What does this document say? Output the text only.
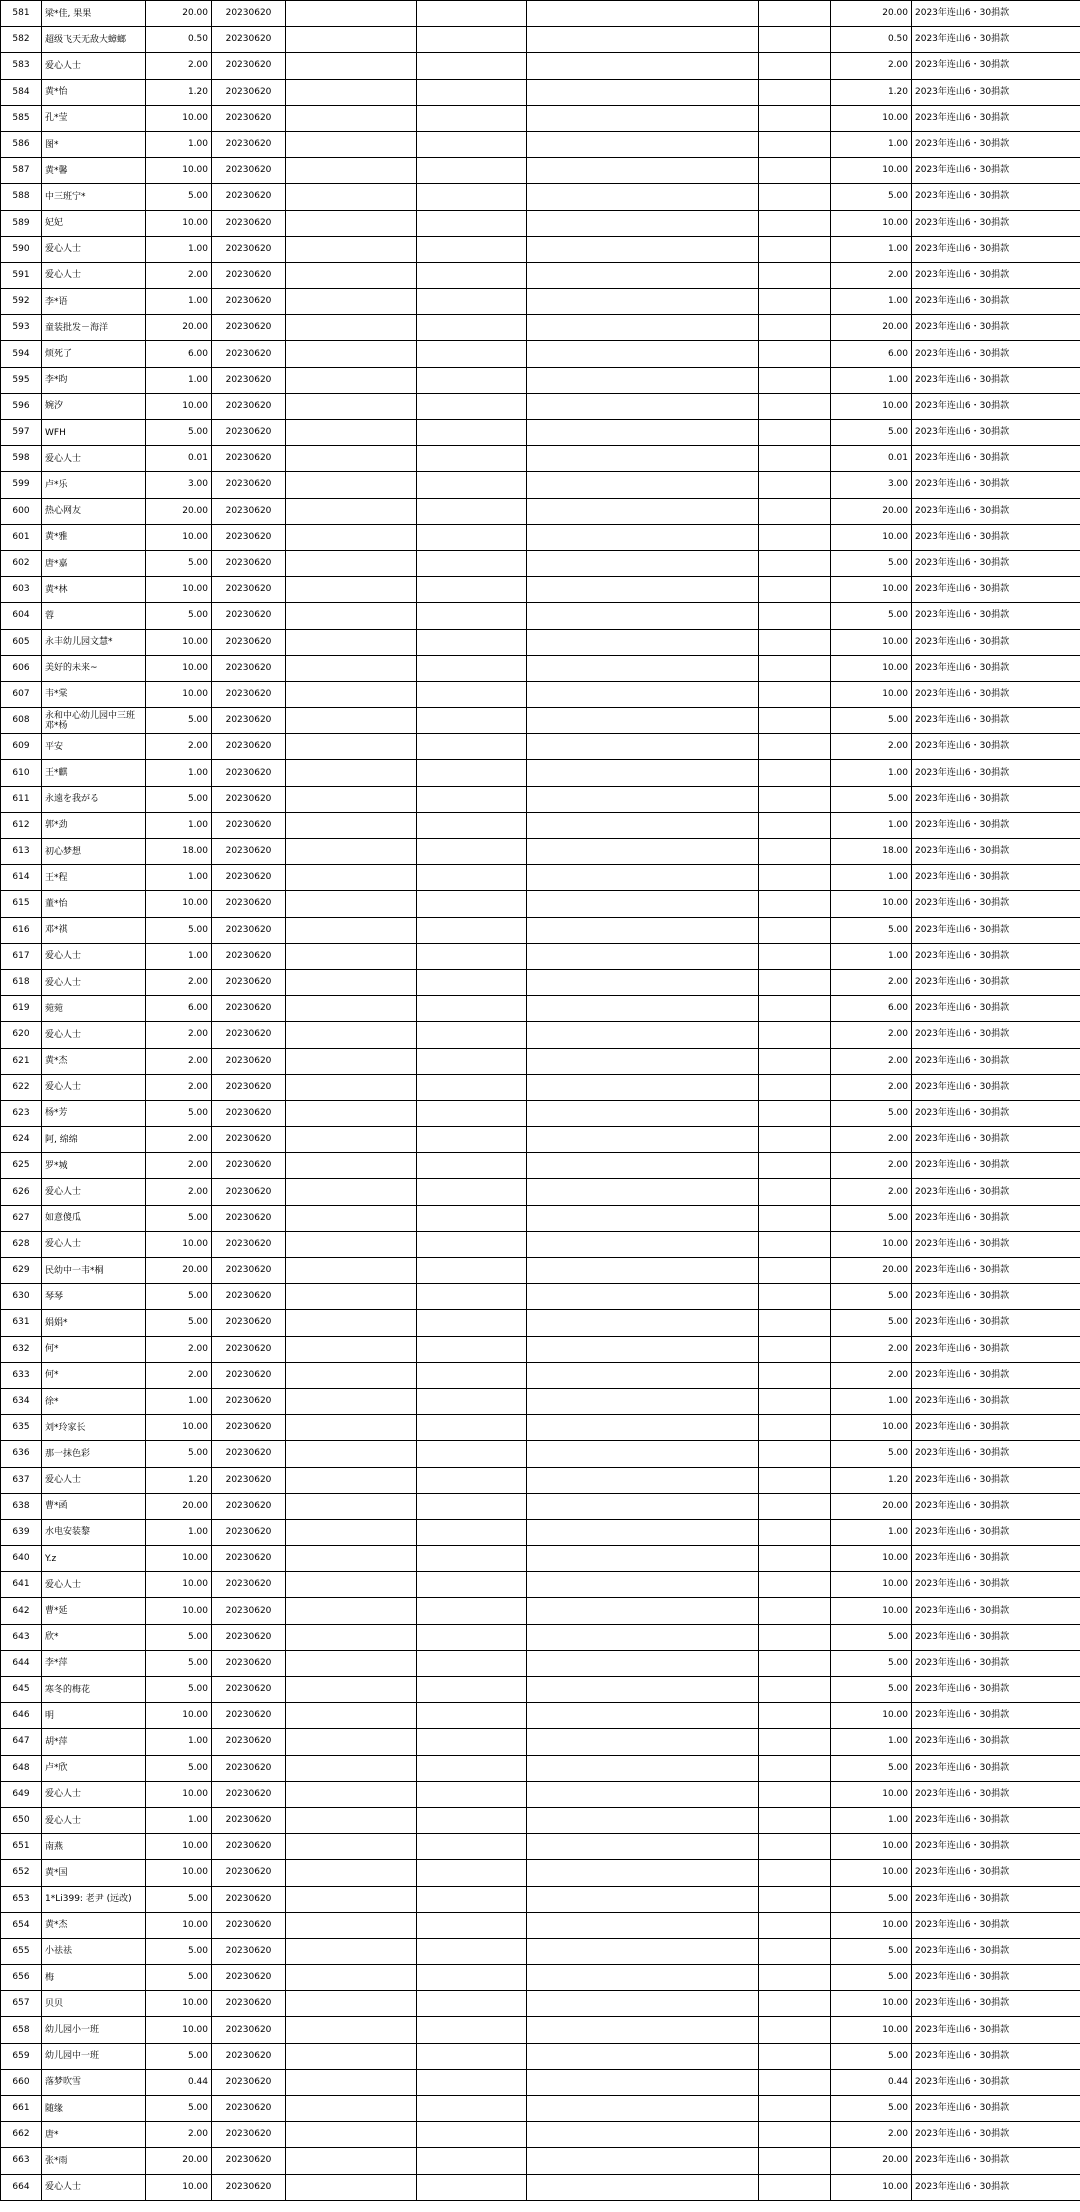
581	梁*佳, 果果	20.00	20230620					20.00	2023年连山6・30捐款
582	超级飞天无敌大蟑螂	0.50	20230620					0.50	2023年连山6・30捐款
583	爱心人士	2.00	20230620					2.00	2023年连山6・30捐款
584	黄*怡	1.20	20230620					1.20	2023年连山6・30捐款
585	孔*莹	10.00	20230620					10.00	2023年连山6・30捐款
586	图*	1.00	20230620					1.00	2023年连山6・30捐款
587	黄*馨	10.00	20230620					10.00	2023年连山6・30捐款
588	中三班宁*	5.00	20230620					5.00	2023年连山6・30捐款
589	妃妃	10.00	20230620					10.00	2023年连山6・30捐款
590	爱心人士	1.00	20230620					1.00	2023年连山6・30捐款
591	爱心人士	2.00	20230620					2.00	2023年连山6・30捐款
592	李*语	1.00	20230620					1.00	2023年连山6・30捐款
593	童装批发－海洋	20.00	20230620					20.00	2023年连山6・30捐款
594	烦死了	6.00	20230620					6.00	2023年连山6・30捐款
595	李*昀	1.00	20230620					1.00	2023年连山6・30捐款
596	婉汐	10.00	20230620					10.00	2023年连山6・30捐款
597	WFH	5.00	20230620					5.00	2023年连山6・30捐款
598	爱心人士	0.01	20230620					0.01	2023年连山6・30捐款
599	卢*乐	3.00	20230620					3.00	2023年连山6・30捐款
600	热心网友	20.00	20230620					20.00	2023年连山6・30捐款
601	黄*雅	10.00	20230620					10.00	2023年连山6・30捐款
602	唐*嘉	5.00	20230620					5.00	2023年连山6・30捐款
603	黄*林	10.00	20230620					10.00	2023年连山6・30捐款
604	蓉	5.00	20230620					5.00	2023年连山6・30捐款
605	永丰幼儿园文慧*	10.00	20230620					10.00	2023年连山6・30捐款
606	美好的未来~	10.00	20230620					10.00	2023年连山6・30捐款
607	韦*棠	10.00	20230620					10.00	2023年连山6・30捐款
608	永和中心幼儿园中三班邓*杨	5.00	20230620					5.00	2023年连山6・30捐款
609	平安	2.00	20230620					2.00	2023年连山6・30捐款
610	王*麒	1.00	20230620					1.00	2023年连山6・30捐款
611	永遠を我がる	5.00	20230620					5.00	2023年连山6・30捐款
612	郭*劲	1.00	20230620					1.00	2023年连山6・30捐款
613	初心梦想	18.00	20230620					18.00	2023年连山6・30捐款
614	王*程	1.00	20230620					1.00	2023年连山6・30捐款
615	董*怡	10.00	20230620					10.00	2023年连山6・30捐款
616	邓*祺	5.00	20230620					5.00	2023年连山6・30捐款
617	爱心人士	1.00	20230620					1.00	2023年连山6・30捐款
618	爱心人士	2.00	20230620					2.00	2023年连山6・30捐款
619	菀菀	6.00	20230620					6.00	2023年连山6・30捐款
620	爱心人士	2.00	20230620					2.00	2023年连山6・30捐款
621	黄*杰	2.00	20230620					2.00	2023年连山6・30捐款
622	爱心人士	2.00	20230620					2.00	2023年连山6・30捐款
623	杨*芳	5.00	20230620					5.00	2023年连山6・30捐款
624	阿, 绵绵	2.00	20230620					2.00	2023年连山6・30捐款
625	罗*城	2.00	20230620					2.00	2023年连山6・30捐款
626	爱心人士	2.00	20230620					2.00	2023年连山6・30捐款
627	如意傻瓜	5.00	20230620					5.00	2023年连山6・30捐款
628	爱心人士	10.00	20230620					10.00	2023年连山6・30捐款
629	民幼中一韦*桐	20.00	20230620					20.00	2023年连山6・30捐款
630	琴琴	5.00	20230620					5.00	2023年连山6・30捐款
631	娟娟*	5.00	20230620					5.00	2023年连山6・30捐款
632	何*	2.00	20230620					2.00	2023年连山6・30捐款
633	何*	2.00	20230620					2.00	2023年连山6・30捐款
634	徐*	1.00	20230620					1.00	2023年连山6・30捐款
635	刘*玲家长	10.00	20230620					10.00	2023年连山6・30捐款
636	那一抹色彩	5.00	20230620					5.00	2023年连山6・30捐款
637	爱心人士	1.20	20230620					1.20	2023年连山6・30捐款
638	曹*函	20.00	20230620					20.00	2023年连山6・30捐款
639	水电安装黎	1.00	20230620					1.00	2023年连山6・30捐款
640	Y.z	10.00	20230620					10.00	2023年连山6・30捐款
641	爱心人士	10.00	20230620					10.00	2023年连山6・30捐款
642	曹*延	10.00	20230620					10.00	2023年连山6・30捐款
643	欣*	5.00	20230620					5.00	2023年连山6・30捐款
644	李*萍	5.00	20230620					5.00	2023年连山6・30捐款
645	寒冬的梅花	5.00	20230620					5.00	2023年连山6・30捐款
646	明	10.00	20230620					10.00	2023年连山6・30捐款
647	胡*萍	1.00	20230620					1.00	2023年连山6・30捐款
648	卢*欣	5.00	20230620					5.00	2023年连山6・30捐款
649	爱心人士	10.00	20230620					10.00	2023年连山6・30捐款
650	爱心人士	1.00	20230620					1.00	2023年连山6・30捐款
651	南燕	10.00	20230620					10.00	2023年连山6・30捐款
652	黄*国	10.00	20230620					10.00	2023年连山6・30捐款
653	1*Li399: 老尹 (远改)	5.00	20230620					5.00	2023年连山6・30捐款
654	黄*杰	10.00	20230620					10.00	2023年连山6・30捐款
655	小祛祛	5.00	20230620					5.00	2023年连山6・30捐款
656	梅	5.00	20230620					5.00	2023年连山6・30捐款
657	贝贝	10.00	20230620					10.00	2023年连山6・30捐款
658	幼儿园小一班	10.00	20230620					10.00	2023年连山6・30捐款
659	幼儿园中一班	5.00	20230620					5.00	2023年连山6・30捐款
660	落梦吹雪	0.44	20230620					0.44	2023年连山6・30捐款
661	随缘	5.00	20230620					5.00	2023年连山6・30捐款
662	唐*	2.00	20230620					2.00	2023年连山6・30捐款
663	张*雨	20.00	20230620					20.00	2023年连山6・30捐款
664	爱心人士	10.00	20230620					10.00	2023年连山6・30捐款
